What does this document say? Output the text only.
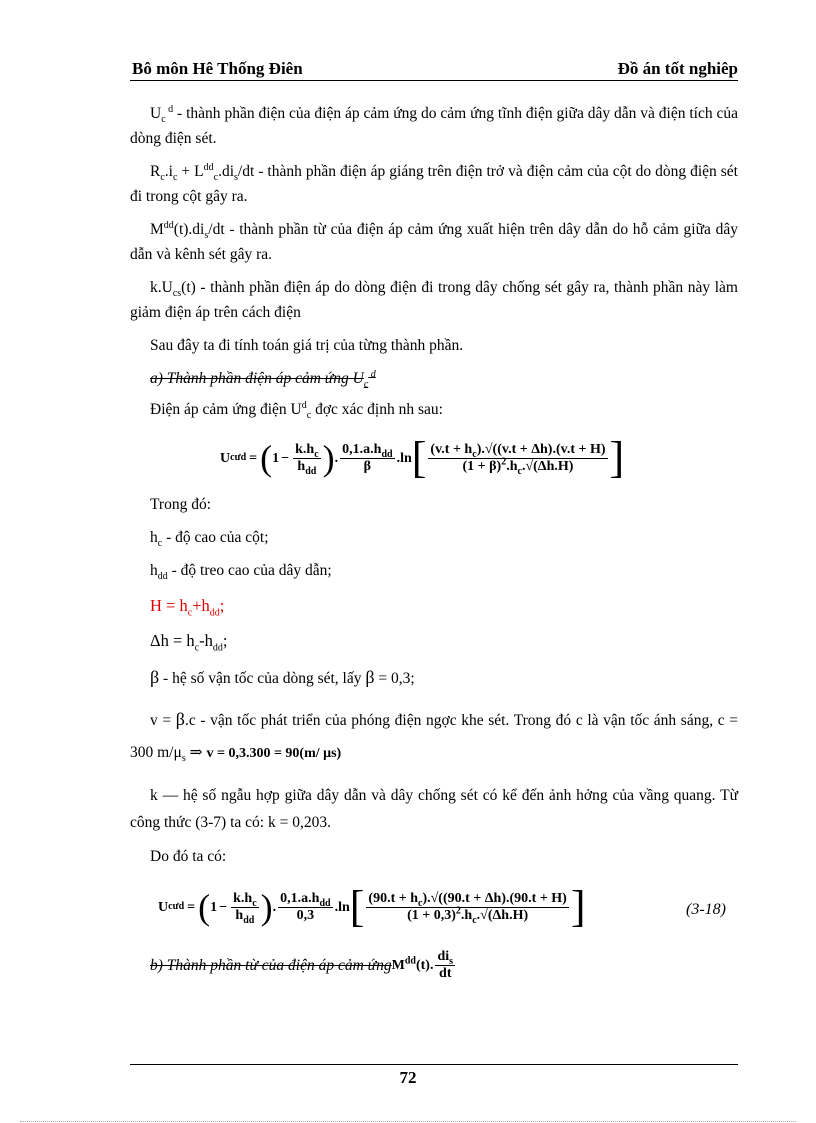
Bô môn Hê Thống Điên	Đồ án tốt nghiêp

$U_c$ $^d$ - thành phần điện của điện áp cảm ứng do cảm ứng tĩnh điện giữa dây dẫn và điện tích của dòng điện sét.

$R_c.i_c + L^{dd}_c.di_s/dt$ - thành phần điện áp giáng trên điện trở và điện cảm của cột do dòng điện sét đi trong cột gây ra.

$M^{dd}(t).di_s/dt$ - thành phần từ của điện áp cảm ứng xuất hiện trên dây dẫn do hỗ cảm giữa dây dẫn và kênh sét gây ra.

$k.U_{cs}(t)$ - thành phần điện áp do dòng điện đi trong dây chống sét gây ra, thành phần này làm giảm điện áp trên cách điện

Sau đây ta đi tính toán giá trị của từng thành phần.

a) Thành phần điện áp cảm ứng $U_c$ $^d$

Điện áp cảm ứng điện $U^d_c$ đợc xác định nh sau:

U cư d = ( $1 - \frac{k.h_c}{h_{dd}}$ ) . $\frac{0,1.a.h_{dd}}{\beta}$ . ln [ $\frac{(v.t + h_c).√((v.t + \Delta h).(v.t + H)}{(1 + \beta)^2.h_c.√(\Delta h.H)}$ ]

Trong đó:

$h_c$ - độ cao của cột;

$h_{dd}$ - độ treo cao của dây dẫn;

$H = h_c+h_{dd}$;

$\Delta h = h_c-h_{dd}$;

β - hệ số vận tốc của dòng sét, lấy β = 0,3;

v = β.c - vận tốc phát triển của phóng điện ngợc khe sét. Trong đó c là vận tốc ánh sáng, c = 300 $m/\mu_s$ ⇒ v = 0,3.300 = 90(m/ μs)

k — hệ số ngẫu hợp giữa dây dẫn và dây chống sét có kể đến ảnh hởng của vầng quang. Từ công thức (3-7) ta có: k = 0,203.

Do đó ta có:

U cư d = ( $1 - \frac{k.h_c}{h_{dd}}$ ) . $\frac{0,1.a.h_{dd}}{0,3}$ . ln [ $\frac{(90.t + h_c).√((90.t + \Delta h).(90.t + H)}{(1 + 0,3)^2.h_c.√(\Delta h.H)}$ ]	(3-18)
b) Thành phần từ của điện áp cảm ứng $M^{dd}(t)$. $\frac{di_s}{dt}$
72
